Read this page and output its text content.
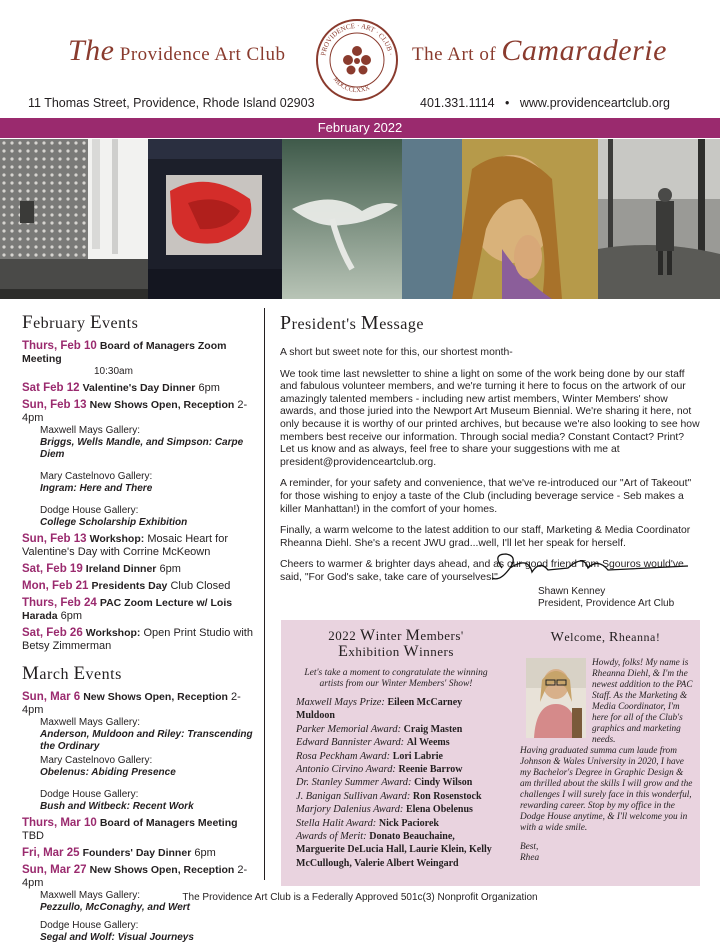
The Providence Art Club	PROVIDENCE · ART · CLUB ·
MDCCCLXXX
The Art of Camaraderie
11 Thomas Street, Providence, Rhode Island 02903	401.331.1114 • www.providenceartclub.org
February 2022
February Events
Thurs, Feb 10 Board of Managers Zoom Meeting
10:30am
Sat Feb 12 Valentine's Day Dinner 6pm
Sun, Feb 13 New Shows Open, Reception 2-4pm
Maxwell Mays Gallery:
Briggs, Wells Mandle, and Simpson: Carpe Diem
Mary Castelnovo Gallery:
Ingram: Here and There
Dodge House Gallery:
College Scholarship Exhibition
Sun, Feb 13 Workshop: Mosaic Heart for Valentine's Day with Corrine McKeown
Sat, Feb 19 Ireland Dinner 6pm
Mon, Feb 21 Presidents Day Club Closed
Thurs, Feb 24 PAC Zoom Lecture w/ Lois Harada 6pm
Sat, Feb 26 Workshop: Open Print Studio with Betsy Zimmerman
March Events
Sun, Mar 6 New Shows Open, Reception 2-4pm
Maxwell Mays Gallery:
Anderson, Muldoon and Riley: Transcending the Ordinary
Mary Castelnovo Gallery:
Obelenus: Abiding Presence
Dodge House Gallery:
Bush and Witbeck: Recent Work
Thurs, Mar 10 Board of Managers Meeting TBD
Fri, Mar 25 Founders' Day Dinner 6pm
Sun, Mar 27 New Shows Open, Reception 2-4pm
Maxwell Mays Gallery:
Pezzullo, McConaghy, and Wert
Dodge House Gallery:
Segal and Wolf: Visual Journeys
President's Message

A short but sweet note for this, our shortest month-

We took time last newsletter to shine a light on some of the work being done by our staff and fabulous volunteer members, and we're turning it here to focus on the artwork of our amazingly talented members - including new artist members, Winter Members' show awards, and those juried into the Newport Art Museum Biennial. We're sharing it here, not only because it is worthy of our printed archives, but because we're also looking to see how members best receive our information. Through social media? Constant Contact? Print? Let us know and as always, feel free to share your suggestions with me at president@providenceartclub.org.

A reminder, for your safety and convenience, that we've re-introduced our "Art of Takeout" for those wishing to enjoy a taste of the Club (including beverage service - Seb makes a killer Manhattan!) in the comfort of your homes.

Finally, a warm welcome to the latest addition to our staff, Marketing & Media Coordinator Rheanna Diehl. She's a recent JWU grad...well, I'll let her speak for herself.

Cheers to warmer & brighter days ahead, and as our good friend Tom Sgouros would've said, "For God's sake, take care of yourselves!"

Shawn Kenney
President, Providence Art Club
2022 Winter Members'
Exhibition Winners
Let's take a moment to congratulate the winning artists from our Winter Members' Show!
Maxwell Mays Prize: Eileen McCarney Muldoon
Parker Memorial Award: Craig Masten
Edward Bannister Award: Al Weems
Rosa Peckham Award: Lori Labrie
Antonio Cirvino Award: Reenie Barrow
Dr. Stanley Summer Award: Cindy Wilson
J. Banigan Sullivan Award: Ron Rosenstock
Marjory Dalenius Award: Elena Obelenus
Stella Halit Award: Nick Paciorek
Awards of Merit: Donato Beauchaine, Marguerite DeLucia Hall, Laurie Klein, Kelly McCullough, Valerie Albert Weingard
Welcome, Rheanna!
Howdy, folks! My name is Rheanna Diehl, & I'm the newest addition to the PAC Staff. As the Marketing & Media Coordinator, I'm here for all of the Club's graphics and marketing needs.
Having graduated summa cum laude from Johnson & Wales University in 2020, I have my Bachelor's Degree in Graphic Design & am thrilled about the skills I will grow and the challenges I will surely face in this wonderful, rewarding career. Stop by my office in the Dodge House anytime, & I'll welcome you in with a wide smile.
Best,
Rhea
The Providence Art Club is a Federally Approved 501c(3) Nonprofit Organization
